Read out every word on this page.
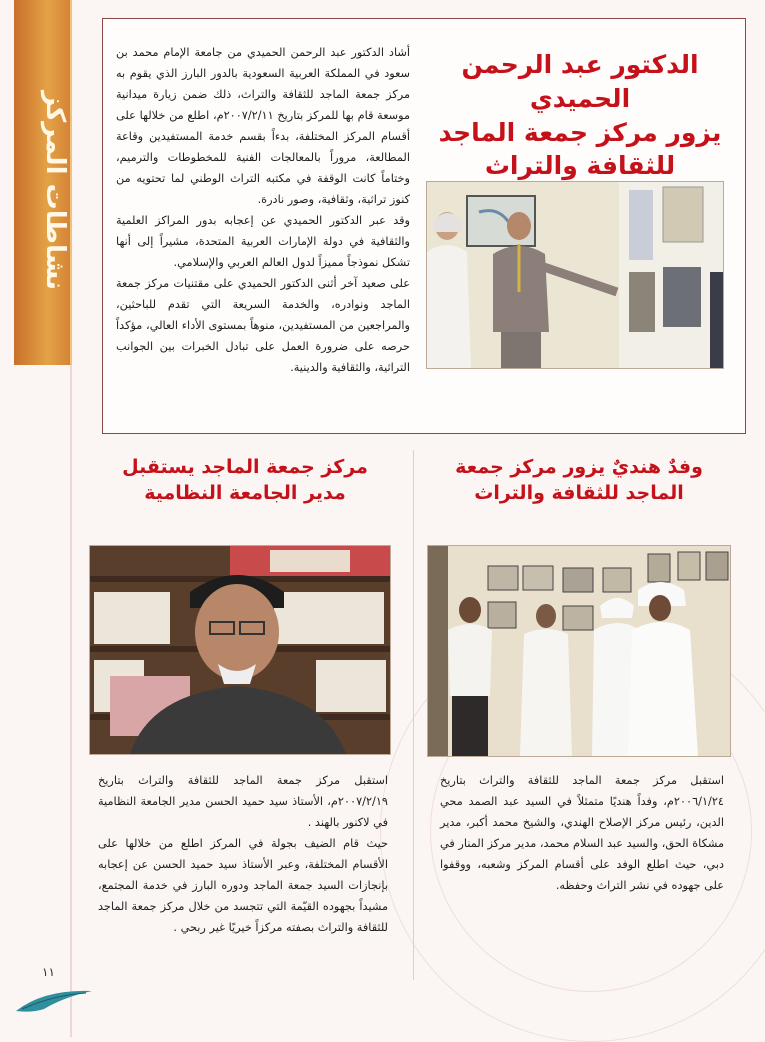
نشاطات المركز
الدكتور عبد الرحمن الحميدي
يزور مركز جمعة الماجد
للثقافة والتراث
أشاد الدكتور عبد الرحمن الحميدي من جامعة الإمام محمد بن سعود في المملكة العربية السعودية بالدور البارز الذي يقوم به مركز جمعة الماجد للثقافة والتراث، ذلك ضمن زيارة ميدانية موسعة قام بها للمركز بتاريخ ٢٠٠٧/٢/١١م، اطلع من خلالها على أقسام المركز المختلفة، بدءاً بقسم خدمة المستفيدين وقاعة المطالعة، مروراً بالمعالجات الفنية للمخطوطات والترميم، وختاماً كانت الوقفة في مكتبه التراث الوطني لما تحتويه من كنوز تراثية، وثقافية، وصور نادرة.
وقد عبر الدكتور الحميدي عن إعجابه بدور المراكز العلمية والثقافية في دولة الإمارات العربية المتحدة، مشيراً إلى أنها تشكل نموذجاً مميزاً لدول العالم العربي والإسلامي.
على صعيد آخر أثنى الدكتور الحميدي على مقتنيات مركز جمعة الماجد ونوادره، والخدمة السريعة التي تقدم للباحثين، والمراجعين من المستفيدين، منوهاً بمستوى الأداء العالي، مؤكداً حرصه على ضرورة العمل على تبادل الخبرات بين الجوانب التراثية، والثقافية والدينية.
وفدٌ هنديٌ يزور مركز جمعة
الماجد للثقافة والتراث
استقبل مركز جمعة الماجد للثقافة والتراث بتاريخ ٢٠٠٦/١/٢٤م، وفداً هنديًا متمثلاً في السيد عبد الصمد محي الدين، رئيس مركز الإصلاح الهندي، والشيخ محمد أكبر، مدير مشكاة الحق، والسيد عبد السلام محمد، مدير مركز المنار في دبي، حيث اطلع الوفد على أقسام المركز وشعبه، ووقفوا على جهوده في نشر التراث وحفظه.
مركز جمعة الماجد يستقبل
مدير الجامعة النظامية
استقبل مركز جمعة الماجد للثقافة والتراث بتاريخ ٢٠٠٧/٢/١٩م، الأستاذ سيد حميد الحسن مدير الجامعة النظامية في لاكنور بالهند .
حيث قام الضيف بجولة في المركز اطلع من خلالها على الأقسام المختلفة، وعبر الأستاذ سيد حميد الحسن عن إعجابه بإنجازات السيد جمعة الماجد ودوره البارز في خدمة المجتمع، مشيداً بجهوده القيّمة التي تتجسد من خلال مركز جمعة الماجد للثقافة والتراث بصفته مركزاً خيريًا غير ربحي .
١١
